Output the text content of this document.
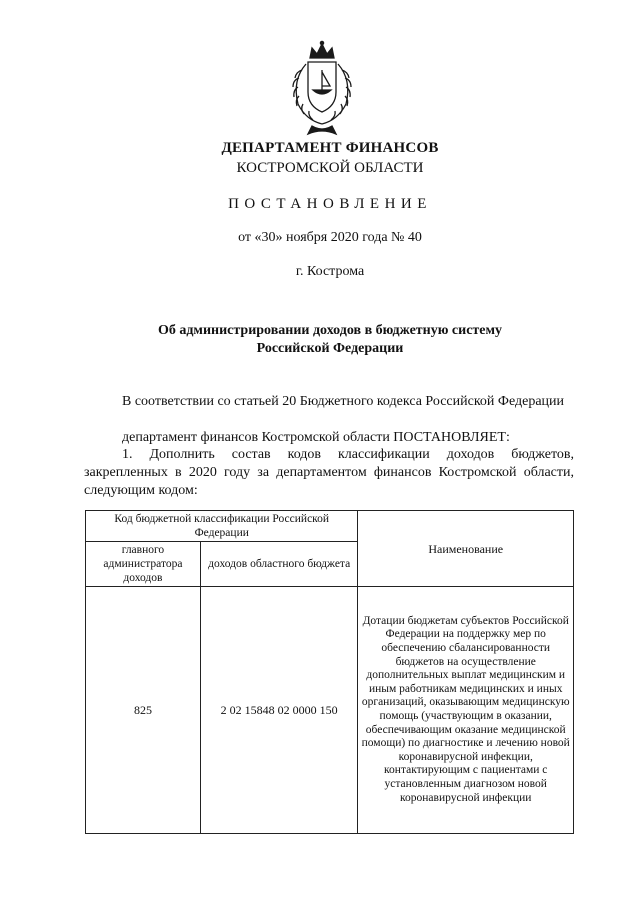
ДЕПАРТАМЕНТ ФИНАНСОВ
КОСТРОМСКОЙ ОБЛАСТИ
ПОСТАНОВЛЕНИЕ
от «30» ноября 2020 года № 40
г. Кострома
Об администрировании доходов в бюджетную систему
Российской Федерации
В соответствии со статьей 20 Бюджетного кодекса Российской Федерации
департамент финансов Костромской области ПОСТАНОВЛЯЕТ:
1. Дополнить состав кодов классификации доходов бюджетов, закрепленных в 2020 году за департаментом финансов Костромской области, следующим кодом:
Код бюджетной классификации Российской Федерации		Наименование
главного администратора доходов	доходов областного бюджета	
825	2 02 15848 02 0000 150	Дотации бюджетам субъектов Российской Федерации на поддержку мер по обеспечению сбалансированности бюджетов на осуществление дополнительных выплат медицинским и иным работникам медицинских и иных организаций, оказывающим медицинскую помощь (участвующим в оказании, обеспечивающим оказание медицинской помощи) по диагностике и лечению новой коронавирусной инфекции, контактирующим с пациентами с установленным диагнозом новой коронавирусной инфекции
